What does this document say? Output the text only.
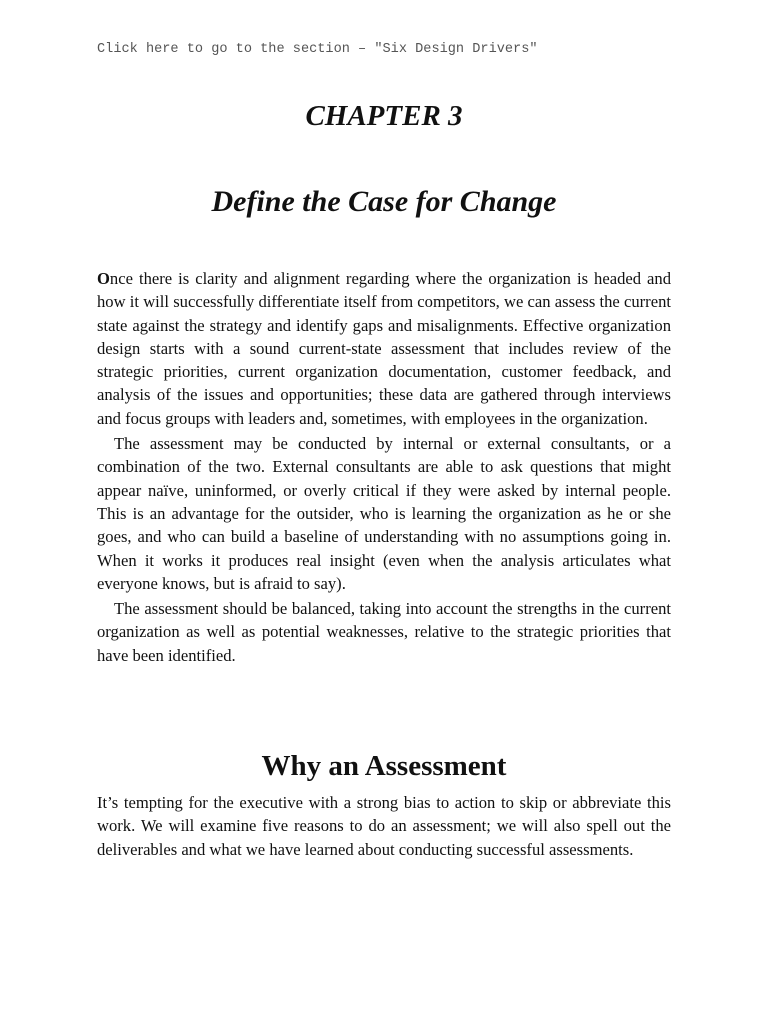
Click here to go to the section – "Six Design Drivers"
CHAPTER 3
Define the Case for Change

Once there is clarity and alignment regarding where the organization is headed and how it will successfully differentiate itself from competitors, we can assess the current state against the strategy and identify gaps and misalignments. Effective organization design starts with a sound current-state assessment that includes review of the strategic priorities, current organization documentation, customer feedback, and analysis of the issues and opportunities; these data are gathered through interviews and focus groups with leaders and, sometimes, with employees in the organization.

The assessment may be conducted by internal or external consultants, or a combination of the two. External consultants are able to ask questions that might appear naïve, uninformed, or overly critical if they were asked by internal people. This is an advantage for the outsider, who is learning the organization as he or she goes, and who can build a baseline of understanding with no assumptions going in. When it works it produces real insight (even when the analysis articulates what everyone knows, but is afraid to say).

The assessment should be balanced, taking into account the strengths in the current organization as well as potential weaknesses, relative to the strategic priorities that have been identified.

Why an Assessment

It’s tempting for the executive with a strong bias to action to skip or abbreviate this work. We will examine five reasons to do an assessment; we will also spell out the deliverables and what we have learned about conducting successful assessments.
